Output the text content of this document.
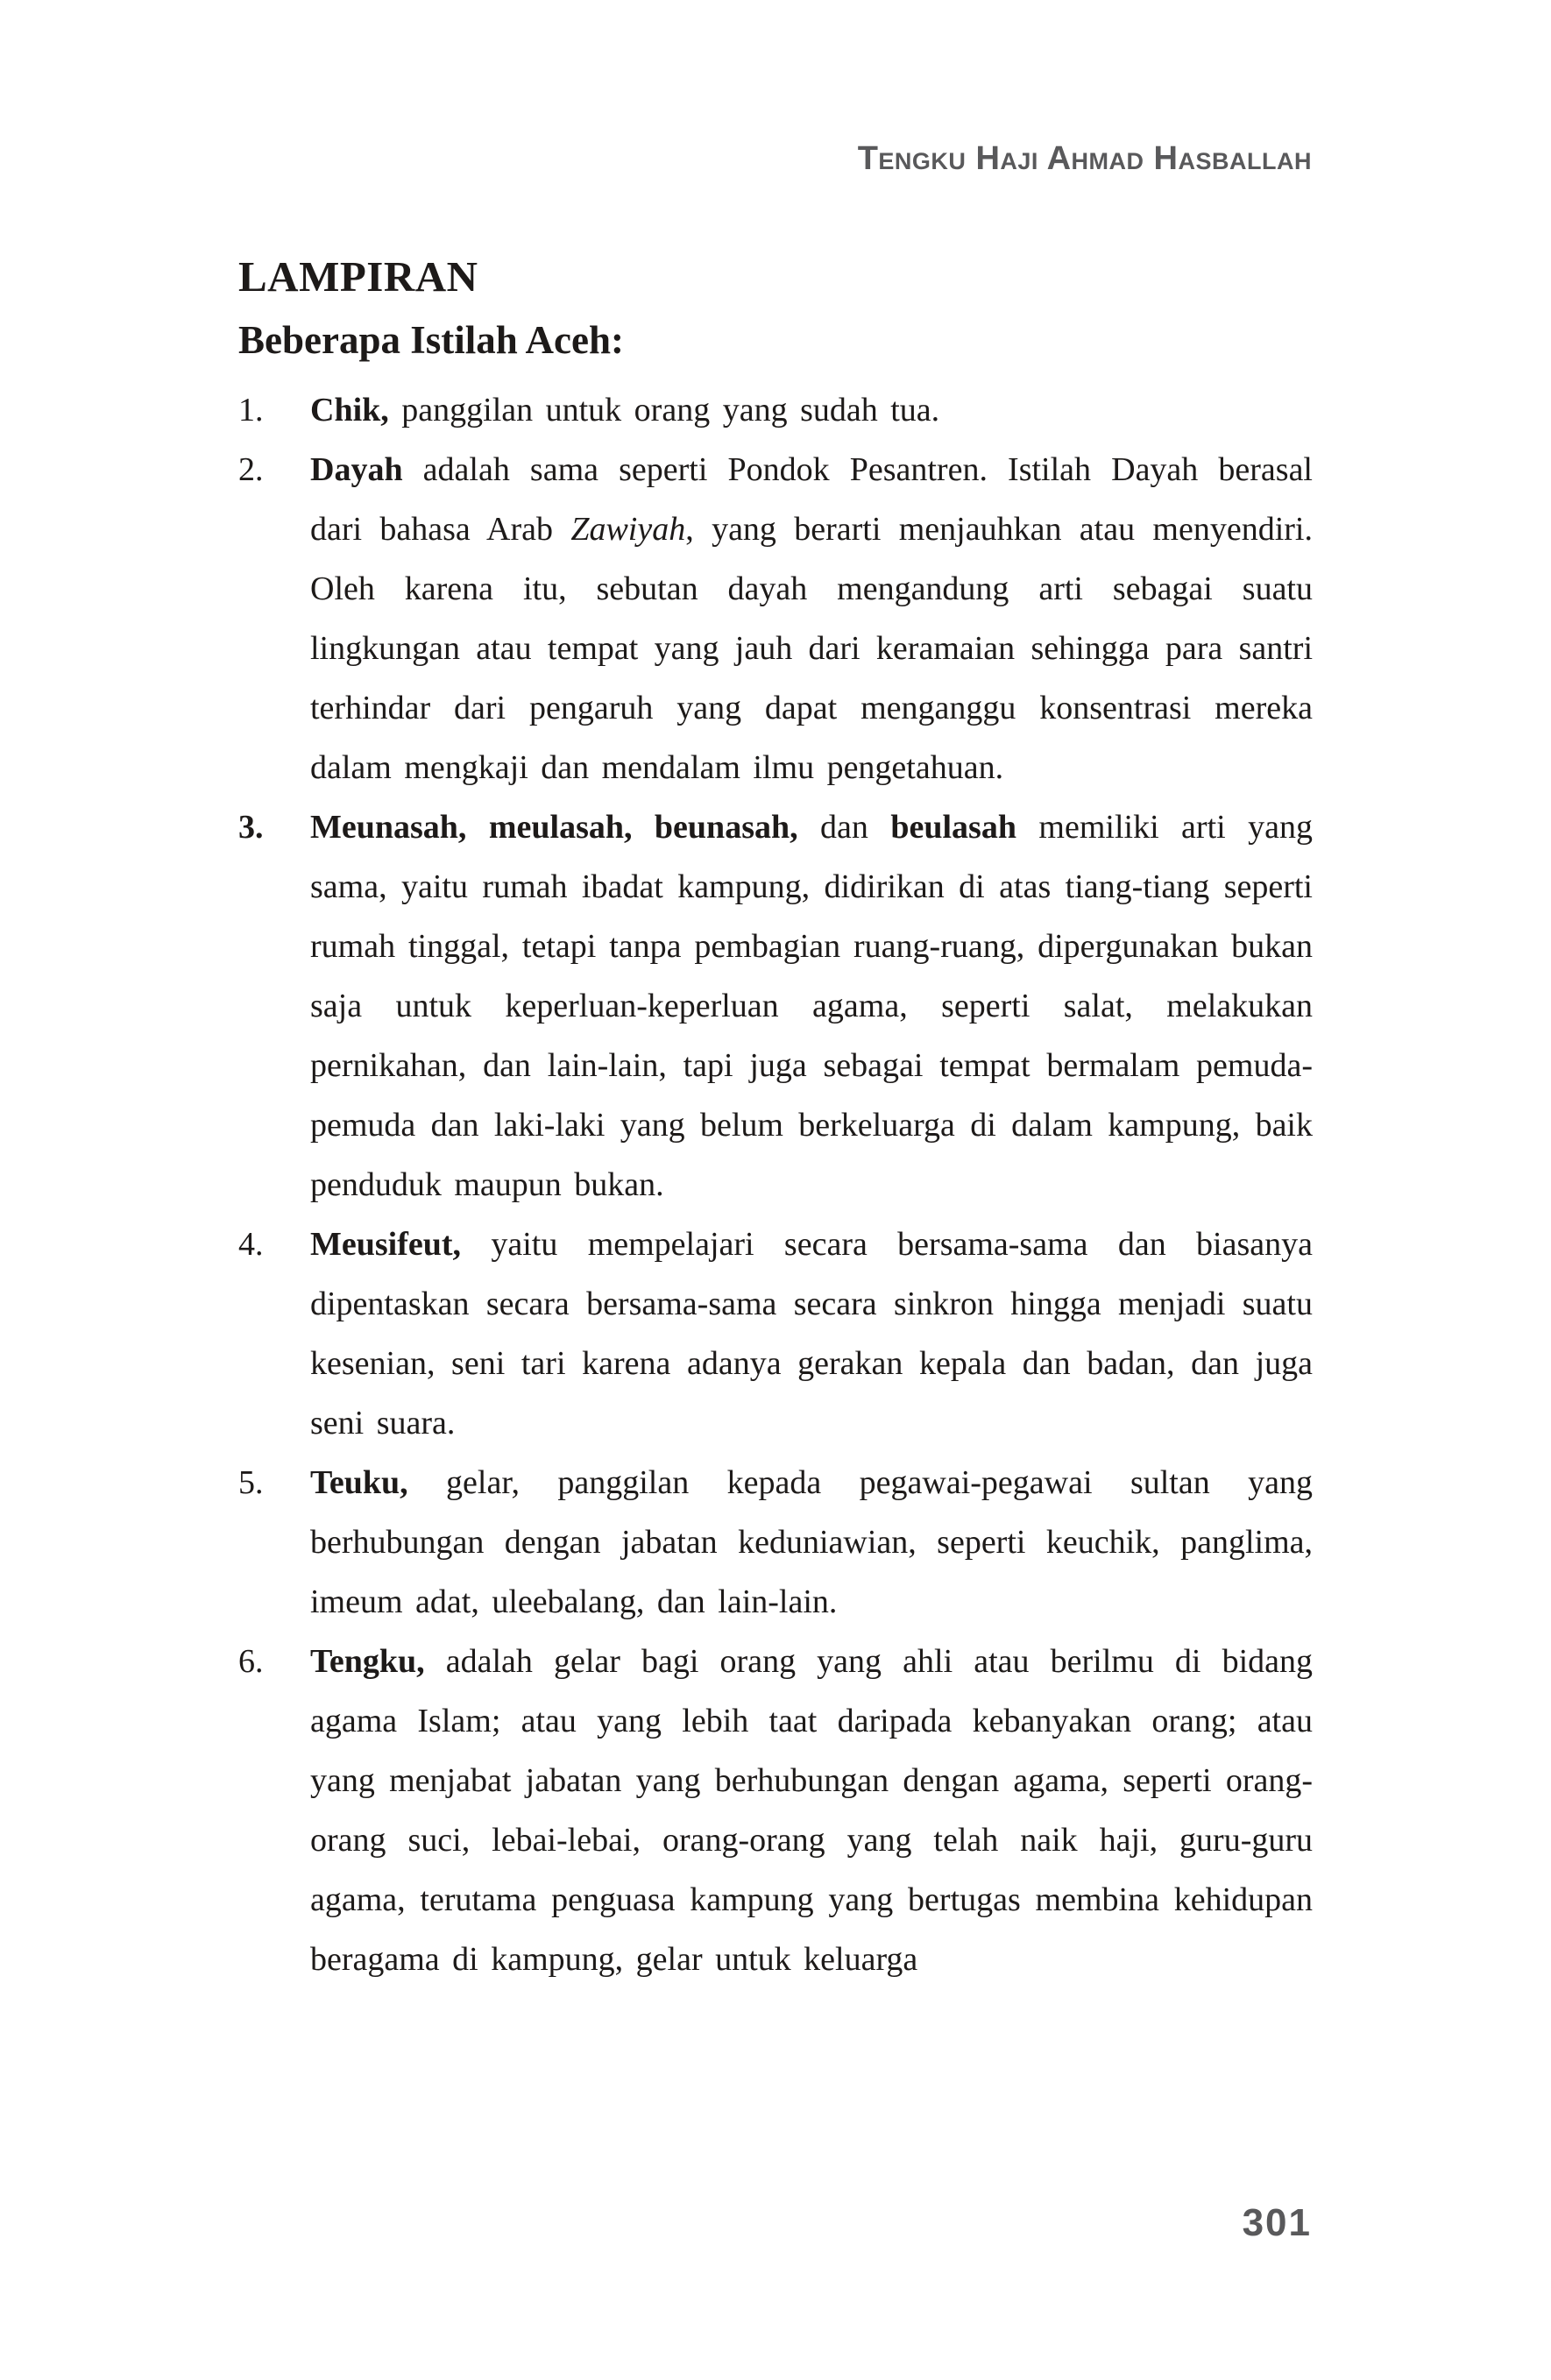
Tengku Haji Ahmad Hasballah
LAMPIRAN
Beberapa Istilah Aceh:
1.	Chik, panggilan untuk orang yang sudah tua.
2.	Dayah adalah sama seperti Pondok Pesantren. Istilah Dayah berasal dari bahasa Arab Zawiyah, yang berarti menjauhkan atau menyendiri. Oleh karena itu, sebutan dayah mengandung arti sebagai suatu lingkungan atau tempat yang jauh dari keramaian sehingga para santri terhindar dari pengaruh yang dapat menganggu konsentrasi mereka dalam mengkaji dan mendalam ilmu pengetahuan.
3.	Meunasah, meulasah, beunasah, dan beulasah memiliki arti yang sama, yaitu rumah ibadat kampung, didirikan di atas tiang-tiang seperti rumah tinggal, tetapi tanpa pembagian ruang-ruang, dipergunakan bukan saja untuk keperluan-keperluan agama, seperti salat, melakukan pernikahan, dan lain-lain, tapi juga sebagai tempat bermalam pemuda-pemuda dan laki-laki yang belum berkeluarga di dalam kampung, baik penduduk maupun bukan.
4.	Meusifeut, yaitu mempelajari secara bersama-sama dan biasanya dipentaskan secara bersama-sama secara sinkron hingga menjadi suatu kesenian, seni tari karena adanya gerakan kepala dan badan, dan juga seni suara.
5.	Teuku, gelar, panggilan kepada pegawai-pegawai sultan yang berhubungan dengan jabatan keduniawian, seperti keuchik, panglima, imeum adat, uleebalang, dan lain-lain.
6.	Tengku, adalah gelar bagi orang yang ahli atau berilmu di bidang agama Islam; atau yang lebih taat daripada kebanyakan orang; atau yang menjabat jabatan yang berhubungan dengan agama, seperti orang-orang suci, lebai-lebai, orang-orang yang telah naik haji, guru-guru agama, terutama penguasa kampung yang bertugas membina kehidupan beragama di kampung, gelar untuk keluarga
301
